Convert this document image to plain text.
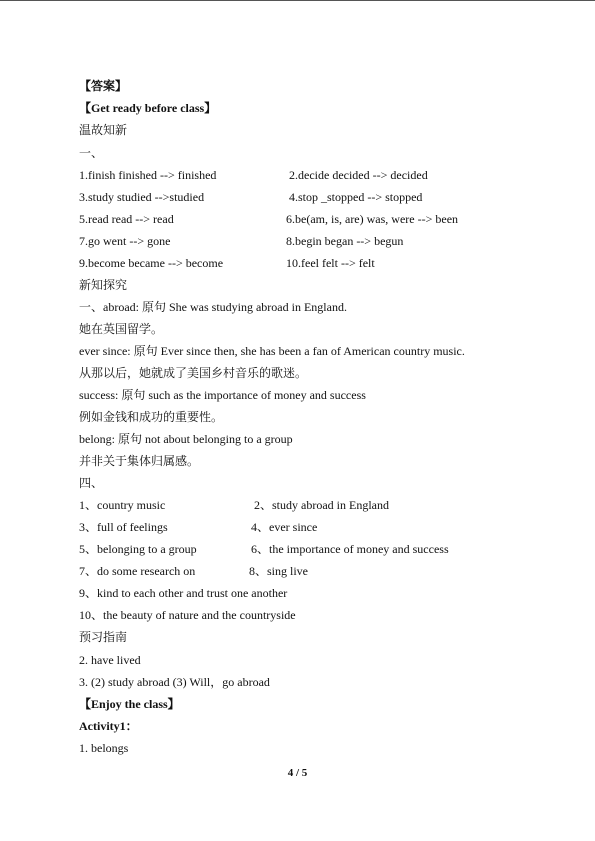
【答案】
【Get ready before class】
温故知新
一、
1.finish finished --> finished	2.decide decided --> decided
3.study studied -->studied	4.stop _stopped --> stopped
5.read read --> read	6.be(am, is, are) was, were --> been
7.go went --> gone	8.begin began --> begun
9.become became --> become	10.feel felt --> felt
新知探究
一、abroad: 原句 She was studying abroad in England.
她在英国留学。
ever since: 原句 Ever since then, she has been a fan of American country music.
从那以后，她就成了美国乡村音乐的歌迷。
success: 原句 such as the importance of money and success
例如金钱和成功的重要性。
belong: 原句 not about belonging to a group
并非关于集体归属感。
四、
1、country music	2、study abroad in England
3、full of feelings	4、ever since
5、belonging to a group	6、the importance of money and success
7、do some research on	8、sing live
9、kind to each other and trust one another
10、the beauty of nature and the countryside
预习指南
2. have lived
3. (2) study abroad (3) Will，go abroad
【Enjoy the class】
Activity1：
1. belongs
4 / 5
